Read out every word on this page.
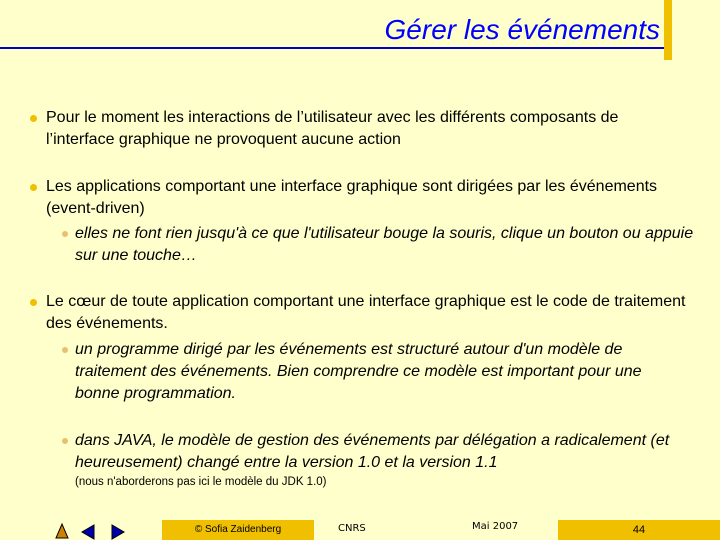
Gérer les événements
Pour le moment les interactions de l’utilisateur avec les différents composants de l’interface graphique ne provoquent aucune action
Les applications comportant une interface graphique sont dirigées par les événements (event-driven)
elles ne font rien jusqu'à ce que l'utilisateur bouge la souris, clique un bouton ou appuie sur une touche…
Le cœur de toute application comportant une interface graphique est le code de traitement des événements.
un programme dirigé par les événements est structuré autour d'un modèle de traitement des événements. Bien comprendre ce modèle est important pour une bonne programmation.
dans JAVA, le modèle de gestion des événements par délégation a radicalement (et heureusement) changé entre la version 1.0 et la version 1.1
(nous n'aborderons pas ici le modèle du JDK 1.0)
© Sofia Zaidenberg	CNRS	Mai 2007	44
